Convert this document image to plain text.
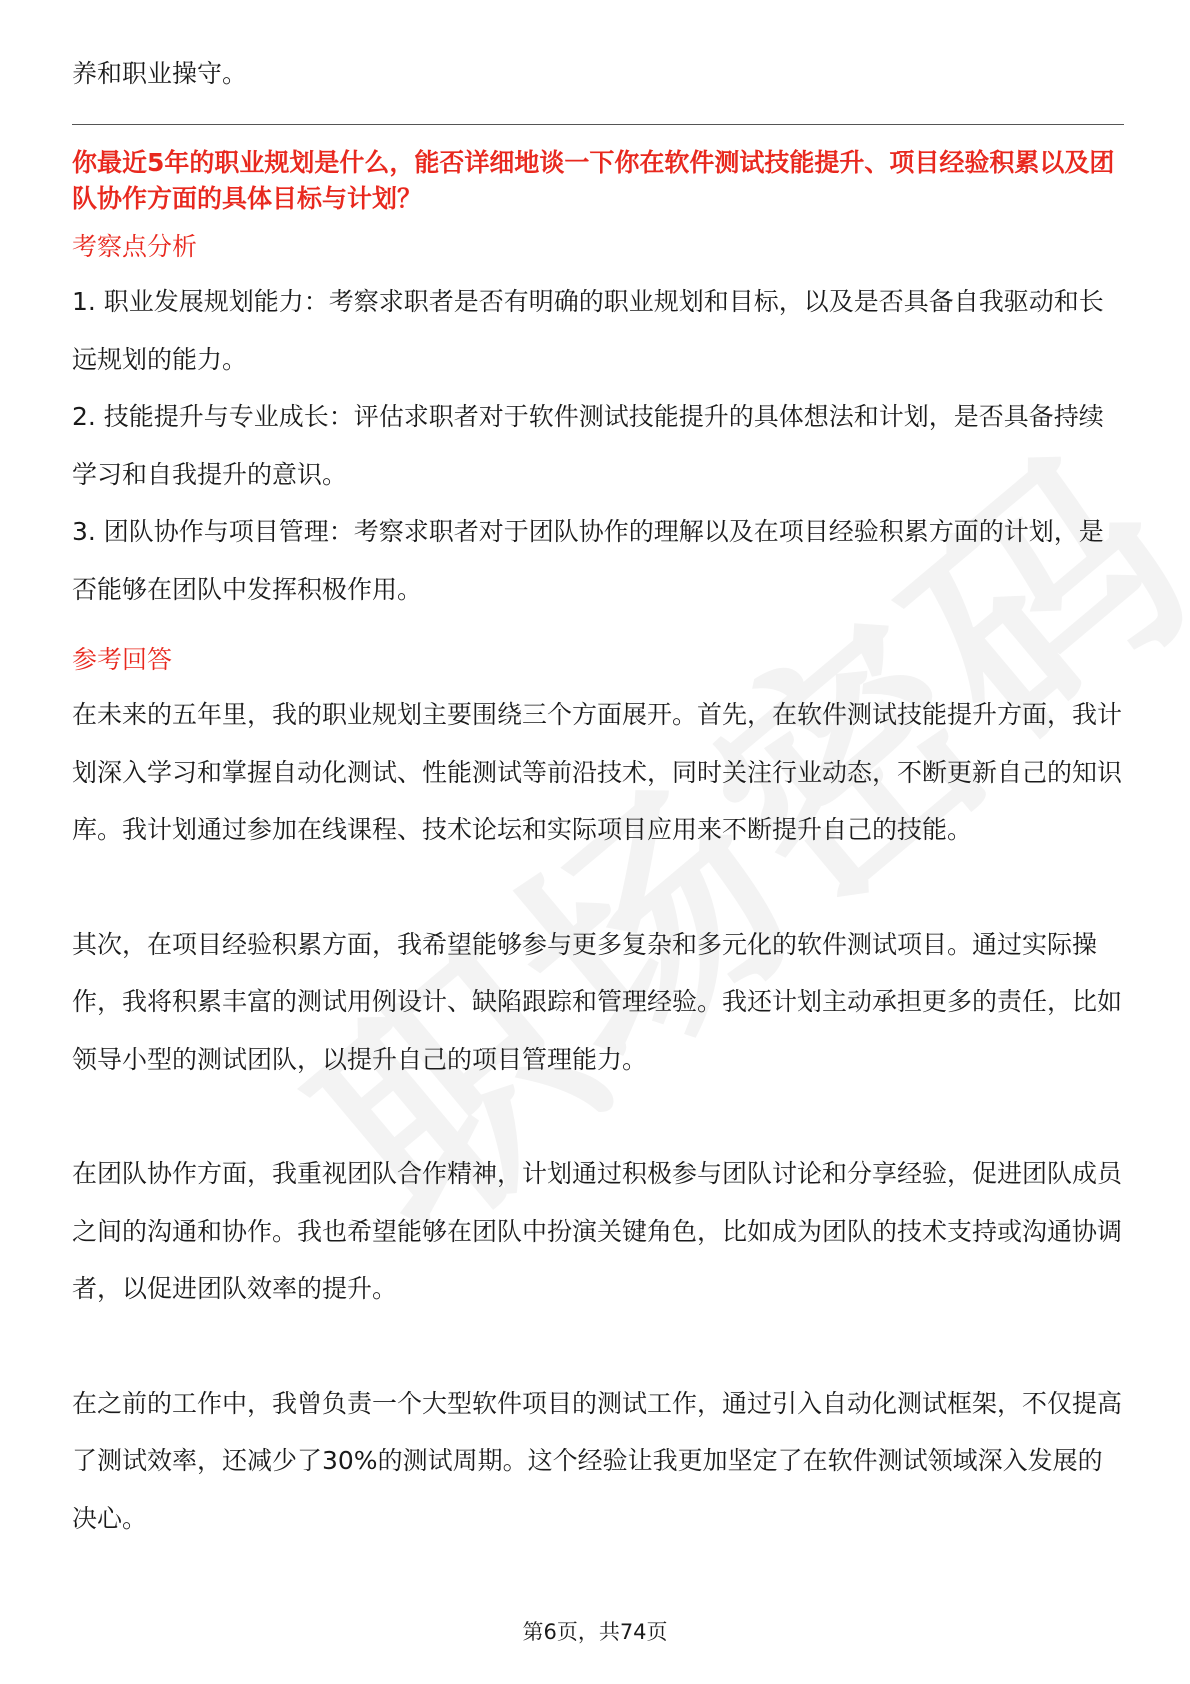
养和职业操守。

你最近5年的职业规划是什么，能否详细地谈一下你在软件测试技能提升、项目经验积累以及团队协作方面的具体目标与计划？

考察点分析

1. 职业发展规划能力：考察求职者是否有明确的职业规划和目标，以及是否具备自我驱动和长远规划的能力。

2. 技能提升与专业成长：评估求职者对于软件测试技能提升的具体想法和计划，是否具备持续学习和自我提升的意识。

3. 团队协作与项目管理：考察求职者对于团队协作的理解以及在项目经验积累方面的计划，是否能够在团队中发挥积极作用。

参考回答

在未来的五年里，我的职业规划主要围绕三个方面展开。首先，在软件测试技能提升方面，我计划深入学习和掌握自动化测试、性能测试等前沿技术，同时关注行业动态，不断更新自己的知识库。我计划通过参加在线课程、技术论坛和实际项目应用来不断提升自己的技能。

其次，在项目经验积累方面，我希望能够参与更多复杂和多元化的软件测试项目。通过实际操作，我将积累丰富的测试用例设计、缺陷跟踪和管理经验。我还计划主动承担更多的责任，比如领导小型的测试团队，以提升自己的项目管理能力。

在团队协作方面，我重视团队合作精神，计划通过积极参与团队讨论和分享经验，促进团队成员之间的沟通和协作。我也希望能够在团队中扮演关键角色，比如成为团队的技术支持或沟通协调者，以促进团队效率的提升。

在之前的工作中，我曾负责一个大型软件项目的测试工作，通过引入自动化测试框架，不仅提高了测试效率，还减少了30%的测试周期。这个经验让我更加坚定了在软件测试领域深入发展的决心。

第6页，共74页
